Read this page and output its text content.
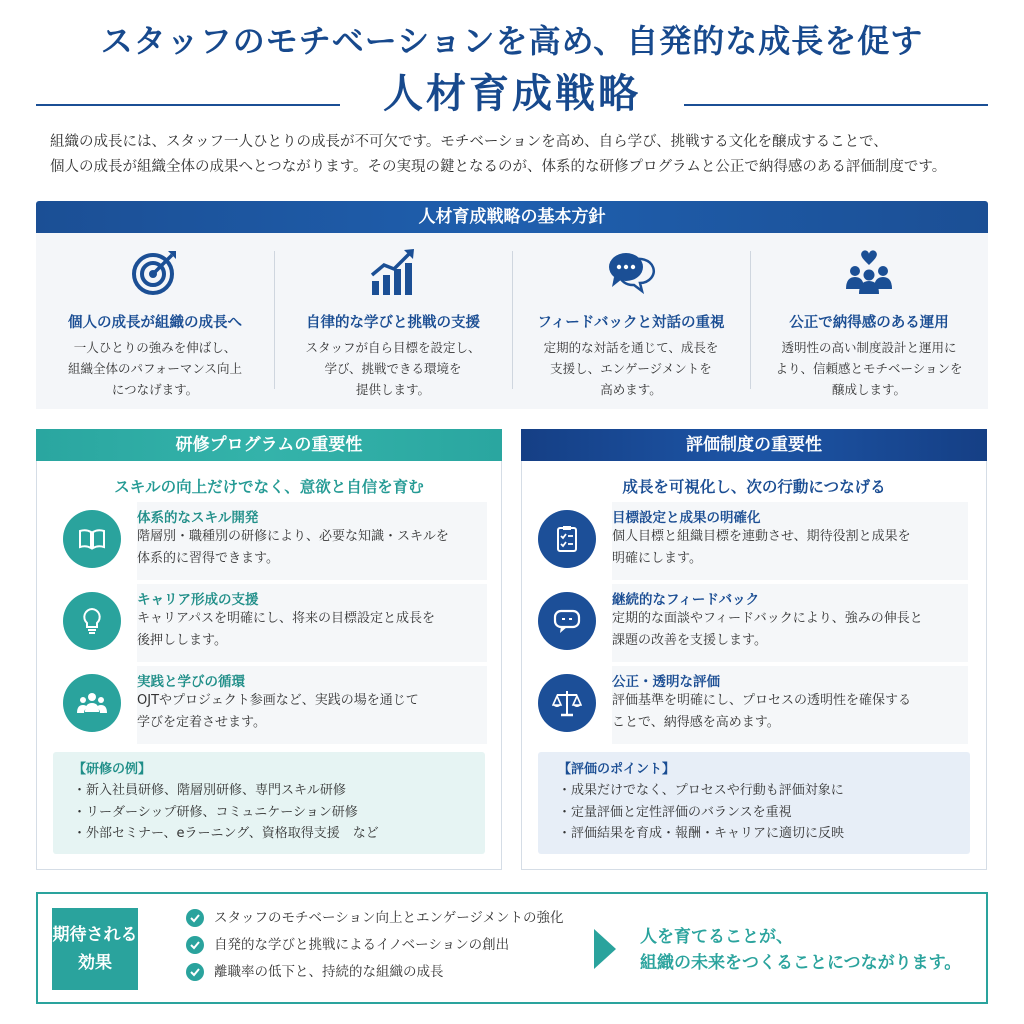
スタッフのモチベーションを高め、自発的な成長を促す
人材育成戦略
組織の成長には、スタッフ一人ひとりの成長が不可欠です。モチベーションを高め、自ら学び、挑戦する文化を醸成することで、
個人の成長が組織全体の成果へとつながります。その実現の鍵となるのが、体系的な研修プログラムと公正で納得感のある評価制度です。
人材育成戦略の基本方針
個人の成長が組織の成長へ
一人ひとりの強みを伸ばし、
組織全体のパフォーマンス向上
につなげます。
自律的な学びと挑戦の支援
スタッフが自ら目標を設定し、
学び、挑戦できる環境を
提供します。
フィードバックと対話の重視
定期的な対話を通じて、成長を
支援し、エンゲージメントを
高めます。
公正で納得感のある運用
透明性の高い制度設計と運用に
より、信頼感とモチベーションを
醸成します。
研修プログラムの重要性
スキルの向上だけでなく、意欲と自信を育む
体系的なスキル開発
階層別・職種別の研修により、必要な知識・スキルを
体系的に習得できます。
キャリア形成の支援
キャリアパスを明確にし、将来の目標設定と成長を
後押しします。
実践と学びの循環
OJTやプロジェクト参画など、実践の場を通じて
学びを定着させます。
【研修の例】
・新入社員研修、階層別研修、専門スキル研修
・リーダーシップ研修、コミュニケーション研修
・外部セミナー、eラーニング、資格取得支援　など
評価制度の重要性
成長を可視化し、次の行動につなげる
目標設定と成果の明確化
個人目標と組織目標を連動させ、期待役割と成果を
明確にします。
継続的なフィードバック
定期的な面談やフィードバックにより、強みの伸長と
課題の改善を支援します。
公正・透明な評価
評価基準を明確にし、プロセスの透明性を確保する
ことで、納得感を高めます。
【評価のポイント】
・成果だけでなく、プロセスや行動も評価対象に
・定量評価と定性評価のバランスを重視
・評価結果を育成・報酬・キャリアに適切に反映
期待される
効果
スタッフのモチベーション向上とエンゲージメントの強化
自発的な学びと挑戦によるイノベーションの創出
離職率の低下と、持続的な組織の成長
人を育てることが、
組織の未来をつくることにつながります。
